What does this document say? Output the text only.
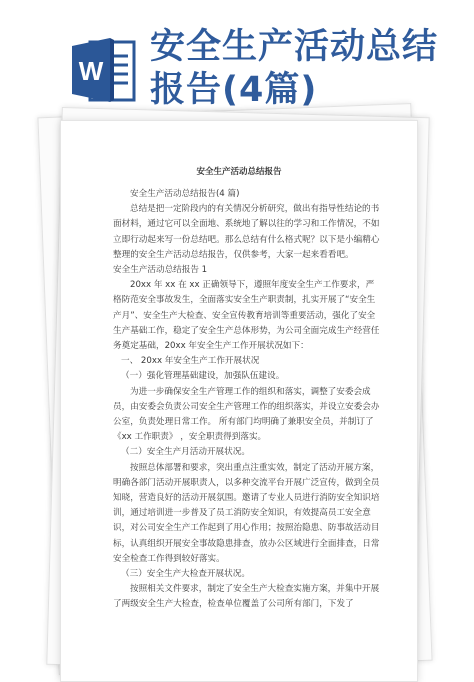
W
安全生产活动总结
报告(4篇)
安全生产活动总结报告

安全生产活动总结报告(4 篇)

总结是把一定阶段内的有关情况分析研究，做出有指导性结论的书面材料，通过它可以全面地、系统地了解以往的学习和工作情况，不如立即行动起来写一份总结吧。那么总结有什么格式呢？以下是小编精心整理的安全生产活动总结报告，仅供参考，大家一起来看看吧。

安全生产活动总结报告 1

20xx 年 xx 在 xx 正确领导下，遵照年度安全生产工作要求，严格防范安全事故发生，全面落实安全生产职责制，扎实开展了“安全生产月”、安全生产大检查、安全宣传教育培训等重要活动，强化了安全生产基础工作，稳定了安全生产总体形势，为公司全面完成生产经营任务奠定基础，20xx 年安全生产工作开展状况如下：

一、 20xx 年安全生产工作开展状况

（一）强化管理基础建设，加强队伍建设。

为进一步确保安全生产管理工作的组织和落实，调整了安委会成员，由安委会负责公司安全生产管理工作的组织落实，并设立安委会办公室，负责处理日常工作。 所有部门均明确了兼职安全员，并制订了《xx 工作职责》 ，安全职责得到落实。

（二）安全生产月活动开展状况。

按照总体部署和要求，突出重点注重实效，制定了活动开展方案，明确各部门活动开展职责人，以多种交流平台开展广泛宣传，做到全员知晓，营造良好的活动开展氛围。邀请了专业人员进行消防安全知识培训，通过培训进一步普及了员工消防安全知识，有效提高员工安全意识，对公司安全生产工作起到了用心作用；按照治隐患、防事故活动目标，认真组织开展安全事故隐患排查，放办公区域进行全面排查，日常安全检查工作得到较好落实。

（三）安全生产大检查开展状况。

按照相关文件要求，制定了安全生产大检查实施方案，并集中开展了两级安全生产大检查，检查单位覆盖了公司所有部门，下发了
